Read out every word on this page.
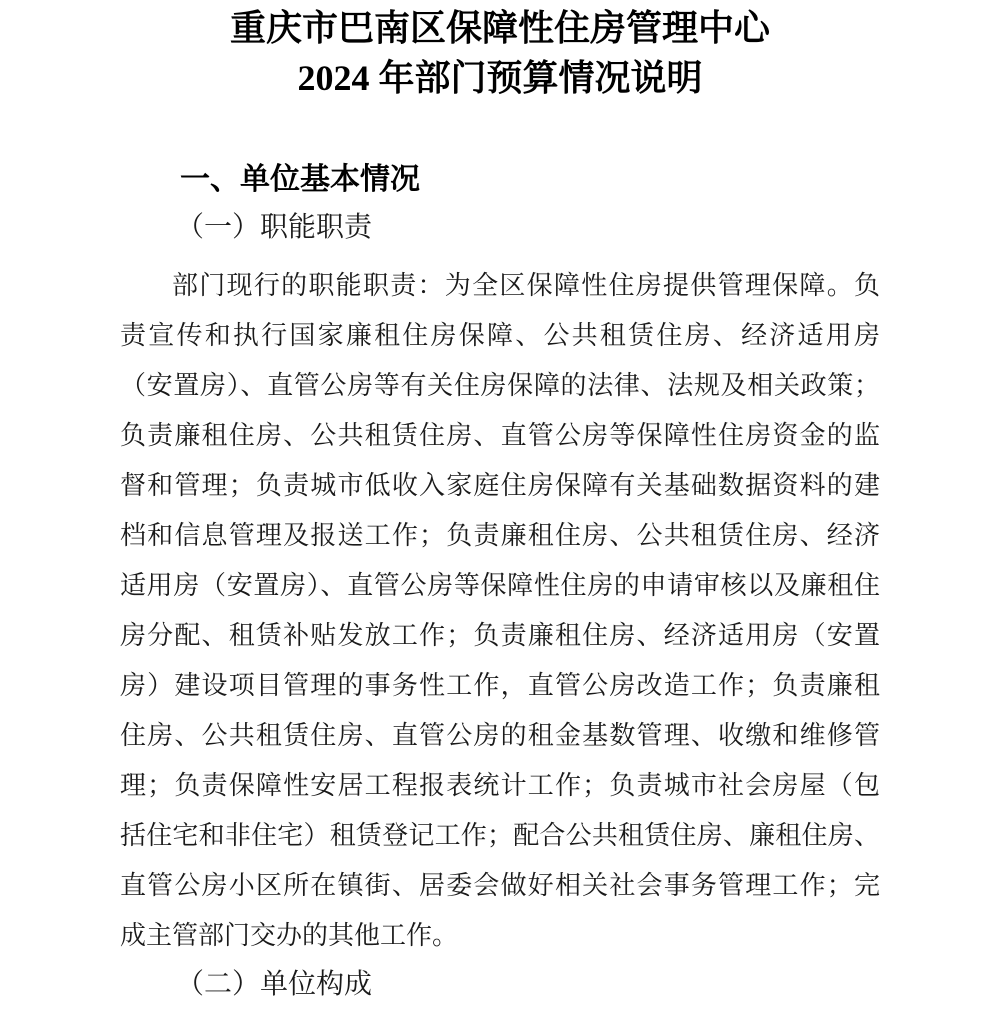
重庆市巴南区保障性住房管理中心
2024 年部门预算情况说明
一、单位基本情况
（一）职能职责
部门现行的职能职责：为全区保障性住房提供管理保障。负
责宣传和执行国家廉租住房保障、公共租赁住房、经济适用房
（安置房）、直管公房等有关住房保障的法律、法规及相关政策；
负责廉租住房、公共租赁住房、直管公房等保障性住房资金的监
督和管理；负责城市低收入家庭住房保障有关基础数据资料的建
档和信息管理及报送工作；负责廉租住房、公共租赁住房、经济
适用房（安置房）、直管公房等保障性住房的申请审核以及廉租住
房分配、租赁补贴发放工作；负责廉租住房、经济适用房（安置
房）建设项目管理的事务性工作，直管公房改造工作；负责廉租
住房、公共租赁住房、直管公房的租金基数管理、收缴和维修管
理；负责保障性安居工程报表统计工作；负责城市社会房屋（包
括住宅和非住宅）租赁登记工作；配合公共租赁住房、廉租住房、
直管公房小区所在镇街、居委会做好相关社会事务管理工作；完
成主管部门交办的其他工作。
（二）单位构成
